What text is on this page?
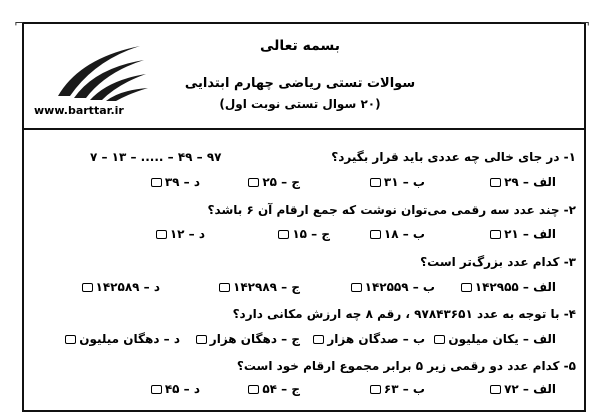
⌐	¬
www.barttar.ir
بسمه تعالی
سوالات تستی ریاضی چهارم ابتدایی
(۲۰ سوال تستی نوبت اول)
۱- در جای خالی چه عددی باید قرار بگیرد؟
۷ – ۱۳ – ..... – ۴۹ – ۹۷
الف – ۲۹
ب – ۳۱
ج – ۲۵
د – ۳۹
۲- چند عدد سه رقمی می‌توان نوشت که جمع ارقام آن ۶ باشد؟
الف – ۲۱
ب – ۱۸
ج – ۱۵
د – ۱۲
۳- کدام عدد بزرگ‌تر است؟
الف – ۱۴۲۹۵۵
ب – ۱۴۲۵۵۹
ج – ۱۴۲۹۸۹
د – ۱۴۲۵۸۹
۴- با توجه به عدد ۹۷۸۴۳۶۵۱ ، رقم ۸ چه ارزش مکانی دارد؟
الف – یکان میلیون
ب – صدگان هزار
ج – دهگان هزار
د – دهگان میلیون
۵- کدام عدد دو رقمی زیر ۵ برابر مجموع ارقام خود است؟
الف – ۷۲
ب – ۶۳
ج – ۵۴
د – ۴۵
